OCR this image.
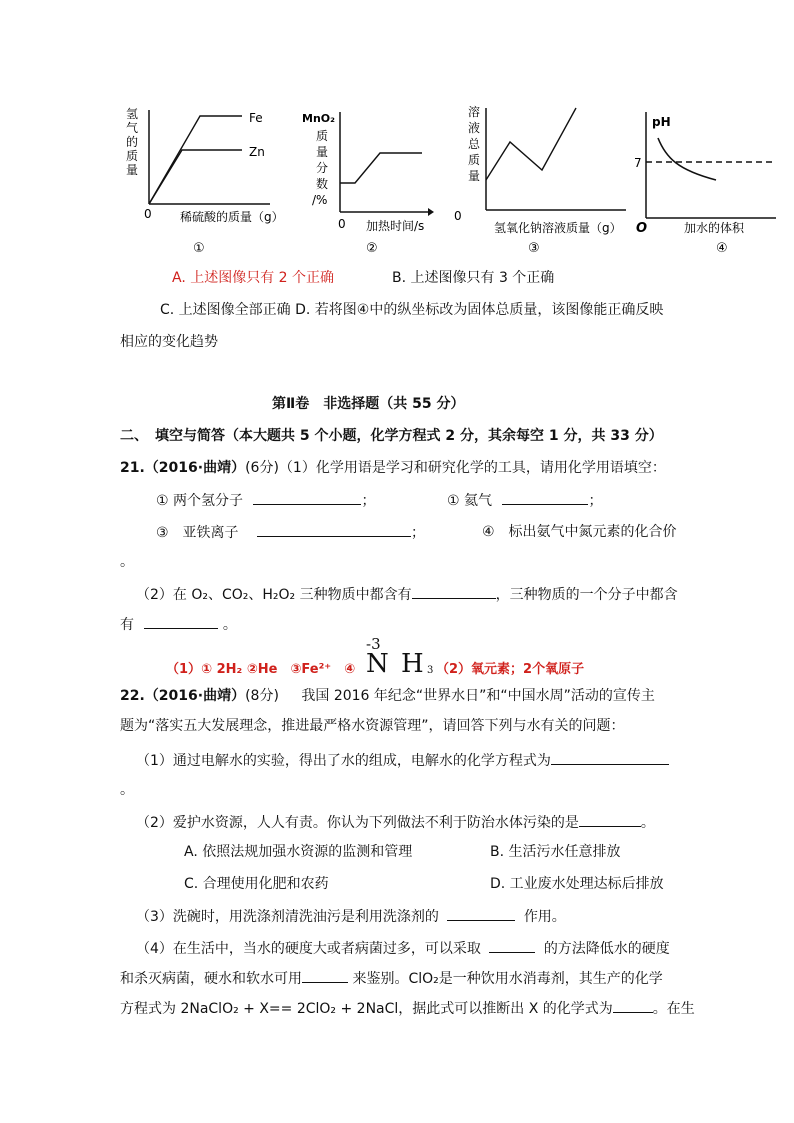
氢
气
的
质
量
Fe
Zn
0 稀硫酸的质量（g）
①
MnO₂
质
量
分
数
/%
0 加热时间/s
②
溶
液
总
质
量
0
氢氧化钠溶液质量（g）
③
pH
7
O	加水的体积
④
A. 上述图像只有 2 个正确	B. 上述图像只有 3 个正确
C. 上述图像全部正确 D. 若将图④中的纵坐标改为固体总质量，该图像能正确反映
相应的变化趋势
第Ⅱ卷　非选择题（共 55 分）
二、　填空与简答（本大题共 5 个小题，化学方程式 2 分，其余每空 1 分，共 33 分）
21.（2016·曲靖）(6分)（1）化学用语是学习和研究化学的工具，请用化学用语填空：
① 两个氢分子	；	① 氦气	；
③　亚铁离子	；	④　标出氨气中氮元素的化合价
。
（2）在 O₂、CO₂、H₂O₂ 三种物质中都含有	，三种物质的一个分子中都含
有	。
（1）① 2H₂ ②He　③Fe²⁺　④
-3
N H 3 （2）氧元素；2个氧原子
22.（2016·曲靖）(8分) 我国 2016 年纪念“世界水日”和“中国水周”活动的宣传主
题为“落实五大发展理念，推进最严格水资源管理”，请回答下列与水有关的问题：
（1）通过电解水的实验，得出了水的组成，电解水的化学方程式为
。
（2）爱护水资源，人人有责。你认为下列做法不利于防治水体污染的是	。
A. 依照法规加强水资源的监测和管理	B. 生活污水任意排放
C. 合理使用化肥和农药	D. 工业废水处理达标后排放
（3）洗碗时，用洗涤剂清洗油污是利用洗涤剂的	作用。
（4）在生活中，当水的硬度大或者病菌过多，可以采取	的方法降低水的硬度
和杀灭病菌，硬水和软水可用	来鉴别。ClO₂是一种饮用水消毒剂，其生产的化学
方程式为 2NaClO₂ + X== 2ClO₂ + 2NaCl，据此式可以推断出 X 的化学式为	。在生
